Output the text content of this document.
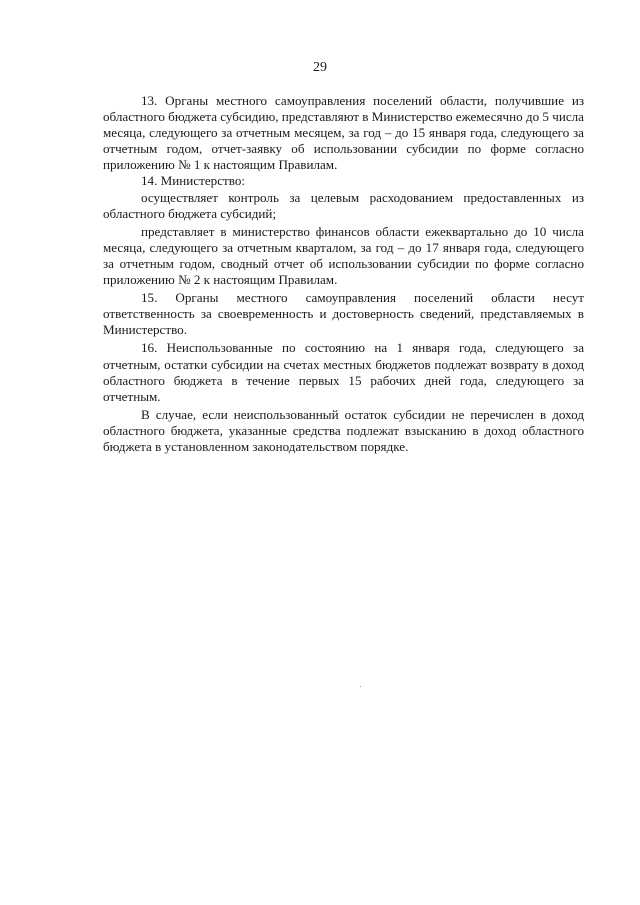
29

13. Органы местного самоуправления поселений области, получившие из областного бюджета субсидию, представляют в Министерство ежемесячно до 5 числа месяца, следующего за отчетным месяцем, за год – до 15 января года, следующего за отчетным годом, отчет-заявку об использовании субсидии по форме согласно приложению № 1 к настоящим Правилам.

14. Министерство:

осуществляет контроль за целевым расходованием предоставленных из областного бюджета субсидий;

представляет в министерство финансов области ежеквартально до 10 числа месяца, следующего за отчетным кварталом, за год – до 17 января года, следующего за отчетным годом, сводный отчет об использовании субсидии по форме согласно приложению № 2 к настоящим Правилам.

15. Органы местного самоуправления поселений области несут ответственность за своевременность и достоверность сведений, представляемых в Министерство.

16. Неиспользованные по состоянию на 1 января года, следующего за отчетным, остатки субсидии на счетах местных бюджетов подлежат возврату в доход областного бюджета в течение первых 15 рабочих дней года, следующего за отчетным.

В случае, если неиспользованный остаток субсидии не перечислен в доход областного бюджета, указанные средства подлежат взысканию в доход областного бюджета в установленном законодательством порядке.
